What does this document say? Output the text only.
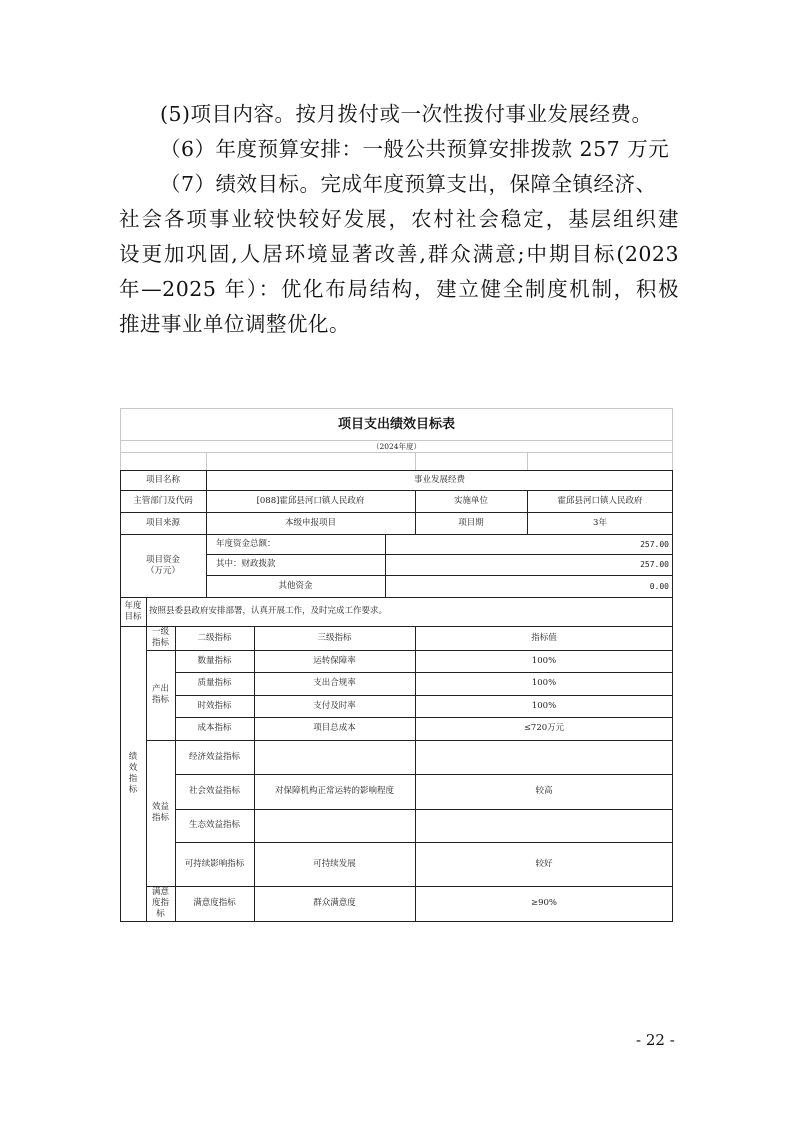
(5)项目内容。按月拨付或一次性拨付事业发展经费。

（6）年度预算安排：一般公共预算安排拨款 257 万元

（7）绩效目标。完成年度预算支出，保障全镇经济、

社会各项事业较快较好发展，农村社会稳定，基层组织建

设更加巩固,人居环境显著改善,群众满意;中期目标(2023

年—2025 年）：优化布局结构，建立健全制度机制，积极

推进事业单位调整优化。

项目支出绩效目标表
（2024年度）
项目名称	事业发展经费
主管部门及代码	[088]霍邱县河口镇人民政府	实施单位	霍邱县河口镇人民政府
项目来源	本级申报项目	项目期	3年
项目资金
（万元）
年度资金总额：	257.00
其中：财政拨款	257.00
其他资金	0.00
年度
目标
按照县委县政府安排部署，认真开展工作，及时完成工作要求。
绩
效
指
标
一级
指标
二级指标	三级指标	指标值
产出
指标
数量指标	运转保障率	100%
质量指标	支出合规率	100%
时效指标	支付及时率	100%
成本指标	项目总成本	≤720万元
效益
指标
经济效益指标
社会效益指标	对保障机构正常运转的影响程度	较高
生态效益指标
可持续影响指标	可持续发展	较好
满意
度指
标
满意度指标	群众满意度	≥90%
- 22 -
